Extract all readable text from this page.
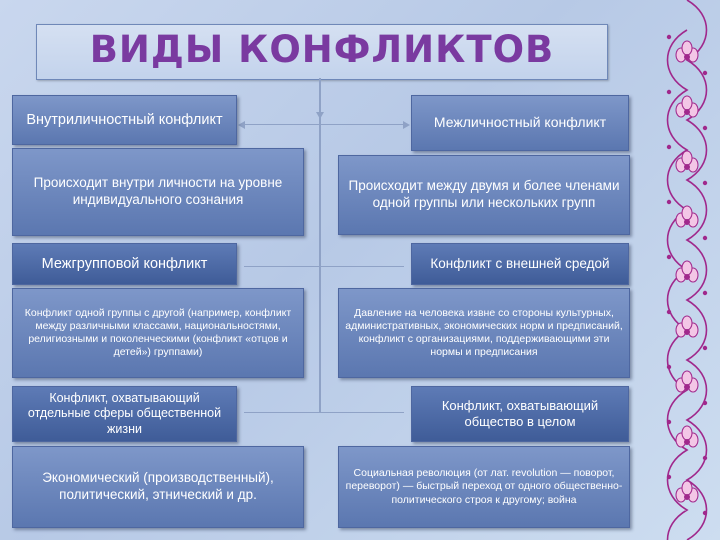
ВИДЫ КОНФЛИКТОВ
Внутриличностный конфликт
Происходит внутри личности на уровне индивидуального сознания
Межгрупповой конфликт
Конфликт одной группы с другой (например, конфликт между различными классами, национальностями, религиозными и поколенческими (конфликт «отцов и детей») группами)
Конфликт, охватывающий отдельные сферы общественной жизни
Экономический (производственный), политический, этнический и др.
Межличностный конфликт
Происходит между двумя и более членами одной группы или нескольких групп
Конфликт с внешней средой
Давление на человека извне со стороны культурных, административных, экономических норм и предписаний, конфликт с организациями, поддерживающими эти нормы и предписания
Конфликт, охватывающий общество в целом
Социальная революция (от лат. revolution — поворот, переворот) — быстрый переход от одного общественно-политического строя к другому; война
